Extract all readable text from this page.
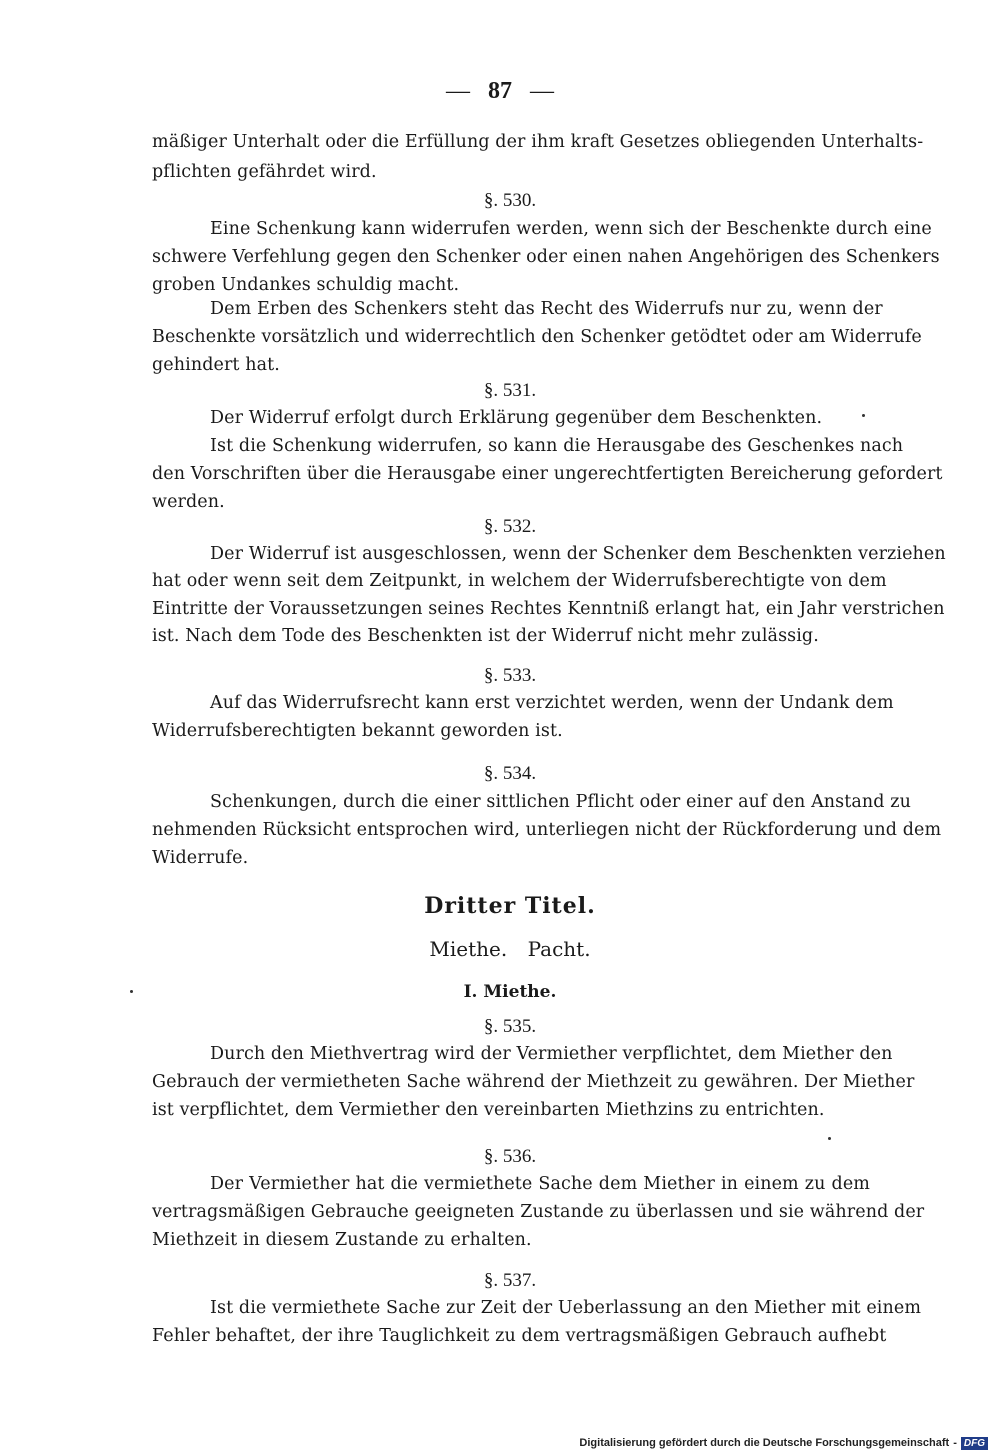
— 87 —
mäßiger Unterhalt oder die Erfüllung der ihm kraft Gesetzes obliegenden Unterhalts-
pflichten gefährdet wird.
§. 530.
Eine Schenkung kann widerrufen werden, wenn sich der Beschenkte durch eine
schwere Verfehlung gegen den Schenker oder einen nahen Angehörigen des Schenkers
groben Undankes schuldig macht.
Dem Erben des Schenkers steht das Recht des Widerrufs nur zu, wenn der
Beschenkte vorsätzlich und widerrechtlich den Schenker getödtet oder am Widerrufe
gehindert hat.
§. 531.
Der Widerruf erfolgt durch Erklärung gegenüber dem Beschenkten.
Ist die Schenkung widerrufen, so kann die Herausgabe des Geschenkes nach
den Vorschriften über die Herausgabe einer ungerechtfertigten Bereicherung gefordert
werden.
§. 532.
Der Widerruf ist ausgeschlossen, wenn der Schenker dem Beschenkten verziehen
hat oder wenn seit dem Zeitpunkt, in welchem der Widerrufsberechtigte von dem
Eintritte der Voraussetzungen seines Rechtes Kenntniß erlangt hat, ein Jahr verstrichen
ist. Nach dem Tode des Beschenkten ist der Widerruf nicht mehr zulässig.
§. 533.
Auf das Widerrufsrecht kann erst verzichtet werden, wenn der Undank dem
Widerrufsberechtigten bekannt geworden ist.
§. 534.
Schenkungen, durch die einer sittlichen Pflicht oder einer auf den Anstand zu
nehmenden Rücksicht entsprochen wird, unterliegen nicht der Rückforderung und dem
Widerrufe.
Dritter Titel.
Miethe. Pacht.
I. Miethe.
§. 535.
Durch den Miethvertrag wird der Vermiether verpflichtet, dem Miether den
Gebrauch der vermietheten Sache während der Miethzeit zu gewähren. Der Miether
ist verpflichtet, dem Vermiether den vereinbarten Miethzins zu entrichten.
§. 536.
Der Vermiether hat die vermiethete Sache dem Miether in einem zu dem
vertragsmäßigen Gebrauche geeigneten Zustande zu überlassen und sie während der
Miethzeit in diesem Zustande zu erhalten.
§. 537.
Ist die vermiethete Sache zur Zeit der Ueberlassung an den Miether mit einem
Fehler behaftet, der ihre Tauglichkeit zu dem vertragsmäßigen Gebrauch aufhebt
Digitalisierung gefördert durch die Deutsche Forschungsgemeinschaft - DFG
